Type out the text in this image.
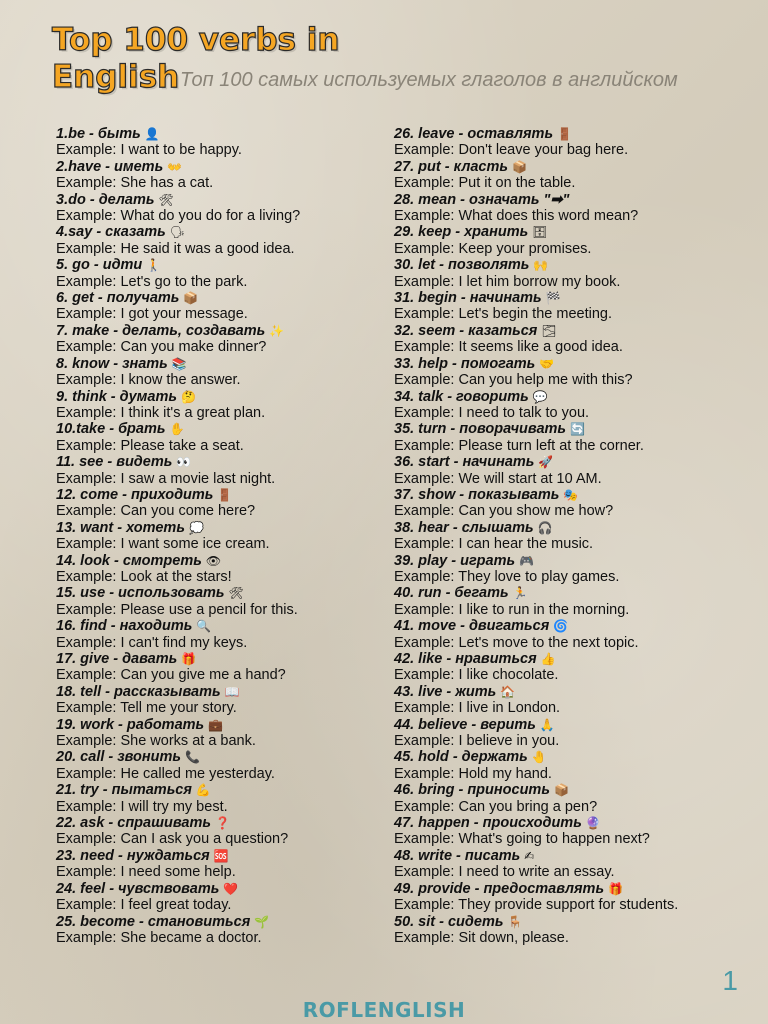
Top 100 verbs in
English Топ 100 самых используемых глаголов в английском

1.be - быть 👤
Example: I want to be happy.
2.have - иметь 👐
Example: She has a cat.
3.do - делать 🛠
Example: What do you do for a living?
4.say - сказать 🗣
Example: He said it was a good idea.
5. go - идти 🚶
Example: Let's go to the park.
6. get - получать 📦
Example: I got your message.
7. make - делать, создавать ✨
Example: Can you make dinner?
8. know - знать 📚
Example: I know the answer.
9. think - думать 🤔
Example: I think it's a great plan.
10.take - брать ✋
Example: Please take a seat.
11. see - видеть 👀
Example: I saw a movie last night.
12. come - приходить 🚪
Example: Can you come here?
13. want - хотеть 💭
Example: I want some ice cream.
14. look - смотреть 👁
Example: Look at the stars!
15. use - использовать 🛠
Example: Please use a pencil for this.
16. find - находить 🔍
Example: I can't find my keys.
17. give - давать 🎁
Example: Can you give me a hand?
18. tell - рассказывать 📖
Example: Tell me your story.
19. work - работать 💼
Example: She works at a bank.
20. call - звонить 📞
Example: He called me yesterday.
21. try - пытаться 💪
Example: I will try my best.
22. ask - спрашивать ❓
Example: Can I ask you a question?
23. need - нуждаться 🆘
Example: I need some help.
24. feel - чувствовать ❤️
Example: I feel great today.
25. become - становиться 🌱
Example: She became a doctor.
26. leave - оставлять 🚪
Example: Don't leave your bag here.
27. put - класть 📦
Example: Put it on the table.
28. mean - означать "➡"
Example: What does this word mean?
29. keep - хранить 🗄
Example: Keep your promises.
30. let - позволять 🙌
Example: I let him borrow my book.
31. begin - начинать 🏁
Example: Let's begin the meeting.
32. seem - казаться 🌫
Example: It seems like a good idea.
33. help - помогать 🤝
Example: Can you help me with this?
34. talk - говорить 💬
Example: I need to talk to you.
35. turn - поворачивать 🔄
Example: Please turn left at the corner.
36. start - начинать 🚀
Example: We will start at 10 AM.
37. show - показывать 🎭
Example: Can you show me how?
38. hear - слышать 🎧
Example: I can hear the music.
39. play - играть 🎮
Example: They love to play games.
40. run - бегать 🏃
Example: I like to run in the morning.
41. move - двигаться 🌀
Example: Let's move to the next topic.
42. like - нравиться 👍
Example: I like chocolate.
43. live - жить 🏠
Example: I live in London.
44. believe - верить 🙏
Example: I believe in you.
45. hold - держать 🤚
Example: Hold my hand.
46. bring - приносить 📦
Example: Can you bring a pen?
47. happen - происходить 🔮
Example: What's going to happen next?
48. write - писать ✍
Example: I need to write an essay.
49. provide - предоставлять 🎁
Example: They provide support for students.
50. sit - сидеть 🪑
Example: Sit down, please.

1

ROFLENGLISH
